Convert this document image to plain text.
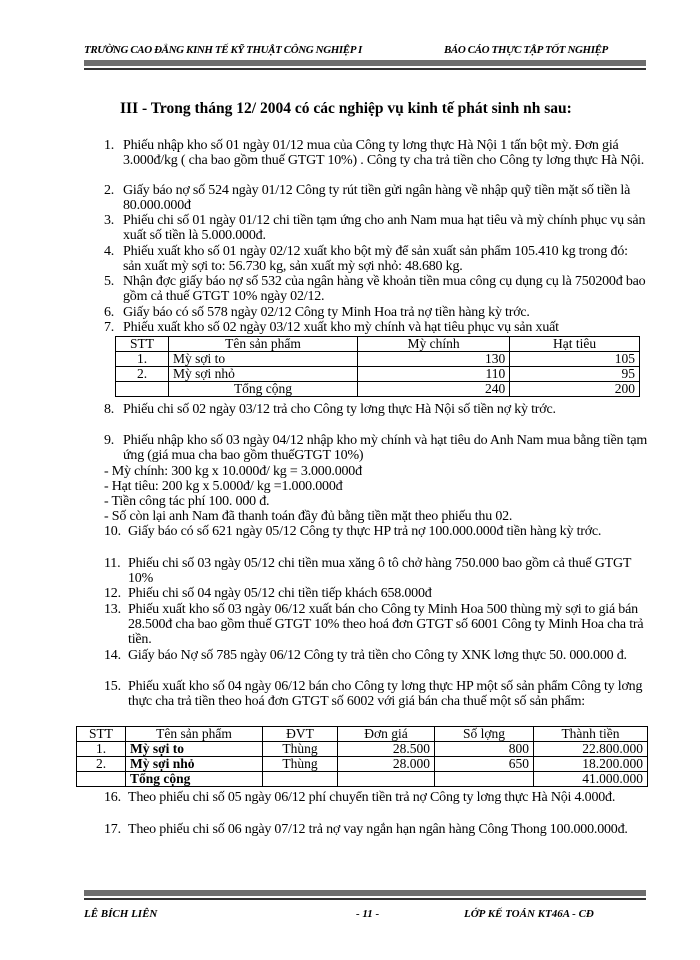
TRƯỜNG CAO ĐẲNG KINH TẾ KỸ THUẬT CÔNG NGHIỆP I	BÁO CÁO THỰC TẬP TỐT NGHIỆP
III - Trong tháng 12/ 2004 có các nghiệp vụ kinh tế phát sinh nh sau:
1. Phiếu nhập kho số 01 ngày 01/12 mua của Công ty lơng thực Hà Nội 1 tấn bột mỳ. Đơn giá 3.000đ/kg ( cha bao gồm thuế GTGT 10%) . Công ty cha trả tiền cho Công ty lơng thực Hà Nội.
2. Giấy báo nợ số 524 ngày 01/12 Công ty rút tiền gửi ngân hàng về nhập quỹ tiền mặt số tiền là 80.000.000đ
3. Phiếu chi số 01 ngày 01/12 chi tiền tạm ứng cho anh Nam mua hạt tiêu và mỳ chính phục vụ sản xuất số tiền là 5.000.000đ.
4. Phiếu xuất kho số 01 ngày 02/12 xuất kho bột mỳ để sản xuất sản phẩm 105.410 kg trong đó: sản xuất mỳ sợi to: 56.730 kg, sản xuất mỳ sợi nhỏ: 48.680 kg.
5. Nhận đợc giấy báo nợ số 532 của ngân hàng về khoản tiền mua công cụ dụng cụ là 750200đ bao gồm cả thuế GTGT 10% ngày 02/12.
6. Giấy báo có số 578 ngày 02/12 Công ty Minh Hoa trả nợ tiền hàng kỳ trớc.
7. Phiếu xuất kho số 02 ngày 03/12 xuất kho mỳ chính và hạt tiêu phục vụ sản xuất
STT	Tên sản phẩm	Mỳ chính	Hạt tiêu
1.	Mỳ sợi to	130	105
2.	Mỳ sợi nhỏ	110	95
	Tổng cộng	240	200
8. Phiếu chi số 02 ngày 03/12 trả cho Công ty lơng thực Hà Nội số tiền nợ kỳ trớc.
9. Phiếu nhập kho số 03 ngày 04/12 nhập kho mỳ chính và hạt tiêu do Anh Nam mua bằng tiền tạm ứng (giá mua cha bao gồm thuếGTGT 10%)
- Mỳ chính: 300 kg x 10.000đ/ kg = 3.000.000đ
- Hạt tiêu: 200 kg x 5.000đ/ kg =1.000.000đ
- Tiền công tác phí 100. 000 đ.
- Số còn lại anh Nam đã thanh toán đầy đủ bằng tiền mặt theo phiếu thu 02.
10. Giấy báo có số 621 ngày 05/12 Công ty thực HP trả nợ 100.000.000đ tiền hàng kỳ trớc.
11. Phiếu chi số 03 ngày 05/12 chi tiền mua xăng ô tô chở hàng 750.000 bao gồm cả thuế GTGT 10%
12. Phiếu chi số 04 ngày 05/12 chi tiền tiếp khách 658.000đ
13. Phiếu xuất kho số 03 ngày 06/12 xuất bán cho Công ty Minh Hoa 500 thùng mỳ sợi to giá bán 28.500đ cha bao gồm thuế GTGT 10% theo hoá đơn GTGT số 6001 Công ty Minh Hoa cha trả tiền.
14. Giấy báo Nợ số 785 ngày 06/12 Công ty trả tiền cho Công ty XNK lơng thực 50. 000.000 đ.
15. Phiếu xuất kho số 04 ngày 06/12 bán cho Công ty lơng thực HP một số sản phẩm Công ty lơng thực cha trả tiền theo hoá đơn GTGT số 6002 với giá bán cha thuế một số sản phẩm:
STT	Tên sản phẩm	ĐVT	Đơn giá	Số lợng	Thành tiền
1.	Mỳ sợi to	Thùng	28.500	800	22.800.000
2.	Mỳ sợi nhỏ	Thùng	28.000	650	18.200.000
	Tổng cộng				41.000.000
16. Theo phiếu chi số 05 ngày 06/12 phí chuyển tiền trả nợ Công ty lơng thực Hà Nội 4.000đ.
17. Theo phiếu chi số 06 ngày 07/12 trả nợ vay ngắn hạn ngân hàng Công Thong 100.000.000đ.
LÊ BÍCH LIÊN	- 11 -	LỚP KẾ TOÁN KT46A - CĐ
